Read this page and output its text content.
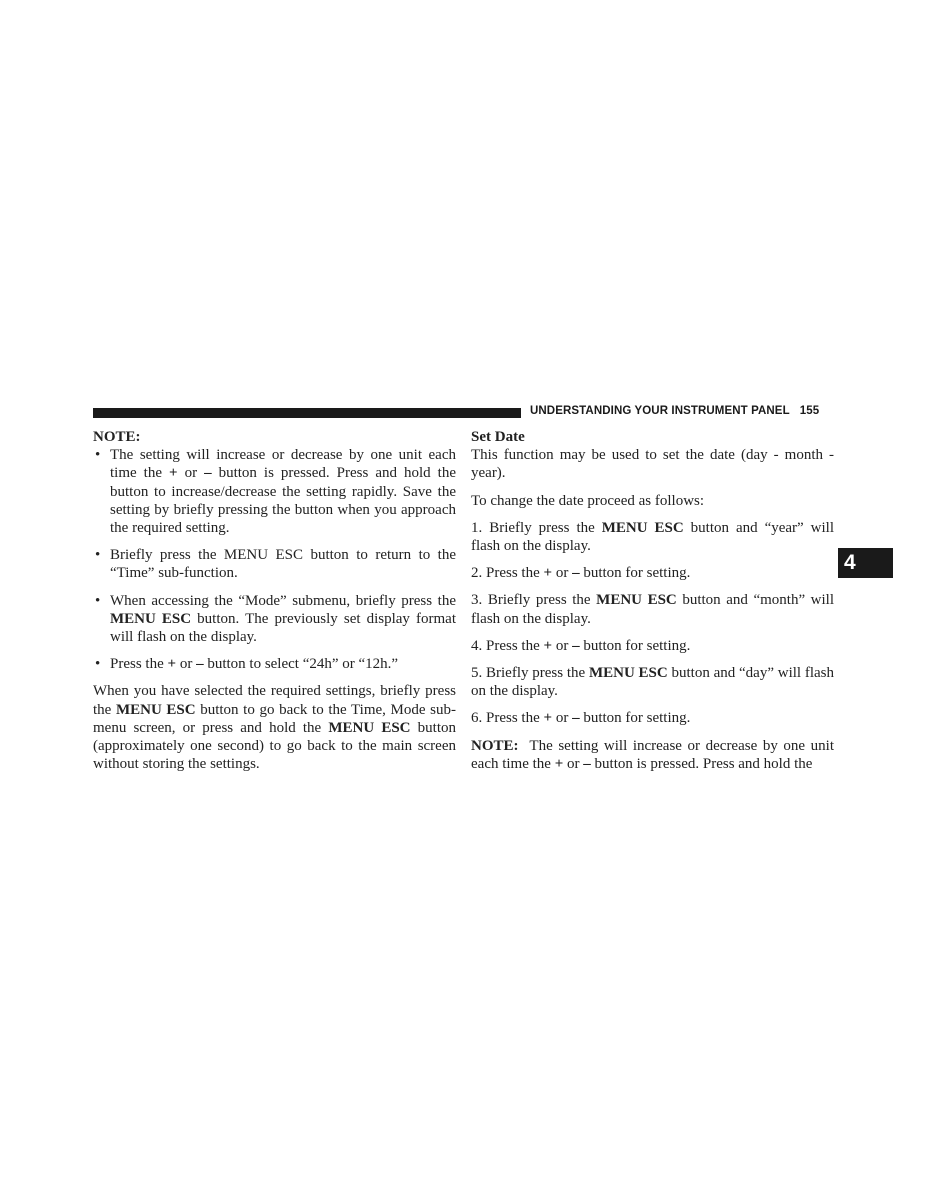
UNDERSTANDING YOUR INSTRUMENT PANEL 155
4

NOTE:

• The setting will increase or decrease by one unit each time the + or – button is pressed. Press and hold the button to increase/decrease the setting rapidly. Save the setting by briefly pressing the button when you approach the required setting.
• Briefly press the MENU ESC button to return to the “Time” sub-function.
• When accessing the “Mode” submenu, briefly press the MENU ESC button. The previously set display format will flash on the display.
• Press the + or – button to select “24h” or “12h.”

When you have selected the required settings, briefly press the MENU ESC button to go back to the Time, Mode sub-menu screen, or press and hold the MENU ESC button (approximately one second) to go back to the main screen without storing the settings.

Set Date

This function may be used to set the date (day - month - year).

To change the date proceed as follows:

1. Briefly press the MENU ESC button and “year” will flash on the display.

2. Press the + or – button for setting.

3. Briefly press the MENU ESC button and “month” will flash on the display.

4. Press the + or – button for setting.

5. Briefly press the MENU ESC button and “day” will flash on the display.

6. Press the + or – button for setting.

NOTE:  The setting will increase or decrease by one unit each time the + or – button is pressed. Press and hold the
